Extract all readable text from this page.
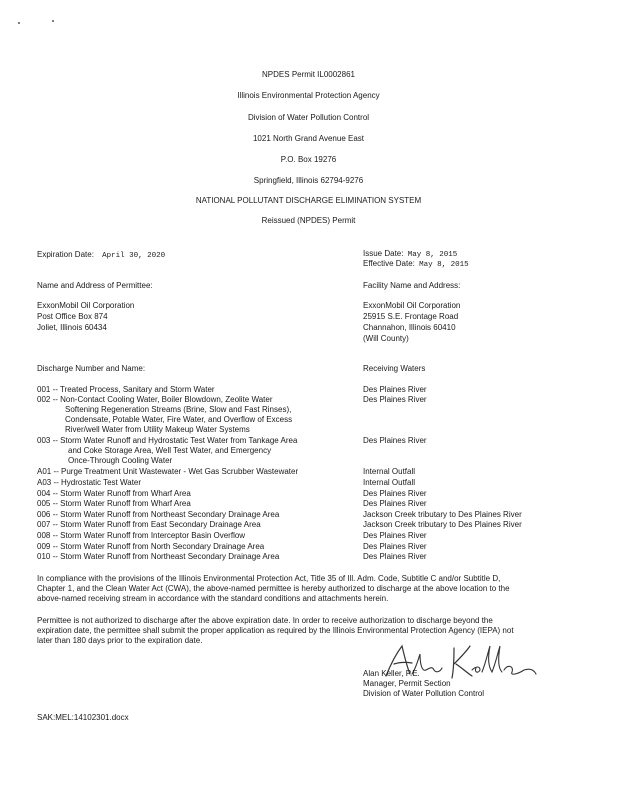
NPDES Permit IL0002861
Illinois Environmental Protection Agency
Division of Water Pollution Control
1021 North Grand Avenue East
P.O. Box 19276
Springfield, Illinois 62794-9276
NATIONAL POLLUTANT DISCHARGE ELIMINATION SYSTEM
Reissued (NPDES) Permit
Expiration Date: April 30, 2020	Issue Date: May 8, 2015
Effective Date: May 8, 2015
Name and Address of Permittee:
ExxonMobil Oil Corporation
Post Office Box 874
Joliet, Illinois 60434
Facility Name and Address:
ExxonMobil Oil Corporation
25915 S.E. Frontage Road
Channahon, Illinois 60410
(Will County)
Discharge Number and Name:	Receiving Waters
001 -- Treated Process, Sanitary and Storm Water	Des Plaines River
002 -- Non-Contact Cooling Water, Boiler Blowdown, Zeolite Water	Des Plaines River
Softening Regeneration Streams (Brine, Slow and Fast Rinses),
Condensate, Potable Water, Fire Water, and Overflow of Excess
River/well Water from Utility Makeup Water Systems
003 -- Storm Water Runoff and Hydrostatic Test Water from Tankage Area	Des Plaines River
and Coke Storage Area, Well Test Water, and Emergency
Once-Through Cooling Water
A01 -- Purge Treatment Unit Wastewater - Wet Gas Scrubber Wastewater	Internal Outfall
A03 -- Hydrostatic Test Water	Internal Outfall
004 -- Storm Water Runoff from Wharf Area	Des Plaines River
005 -- Storm Water Runoff from Wharf Area	Des Plaines River
006 -- Storm Water Runoff from Northeast Secondary Drainage Area	Jackson Creek tributary to Des Plaines River
007 -- Storm Water Runoff from East Secondary Drainage Area	Jackson Creek tributary to Des Plaines River
008 -- Storm Water Runoff from Interceptor Basin Overflow	Des Plaines River
009 -- Storm Water Runoff from North Secondary Drainage Area	Des Plaines River
010 -- Storm Water Runoff from Northeast Secondary Drainage Area	Des Plaines River
In compliance with the provisions of the Illinois Environmental Protection Act, Title 35 of Ill. Adm. Code, Subtitle C and/or Subtitle D,
Chapter 1, and the Clean Water Act (CWA), the above-named permittee is hereby authorized to discharge at the above location to the
above-named receiving stream in accordance with the standard conditions and attachments herein.
Permittee is not authorized to discharge after the above expiration date. In order to receive authorization to discharge beyond the
expiration date, the permittee shall submit the proper application as required by the Illinois Environmental Protection Agency (IEPA) not
later than 180 days prior to the expiration date.
Alan Keller, P.E.
Manager, Permit Section
Division of Water Pollution Control
SAK:MEL:14102301.docx
